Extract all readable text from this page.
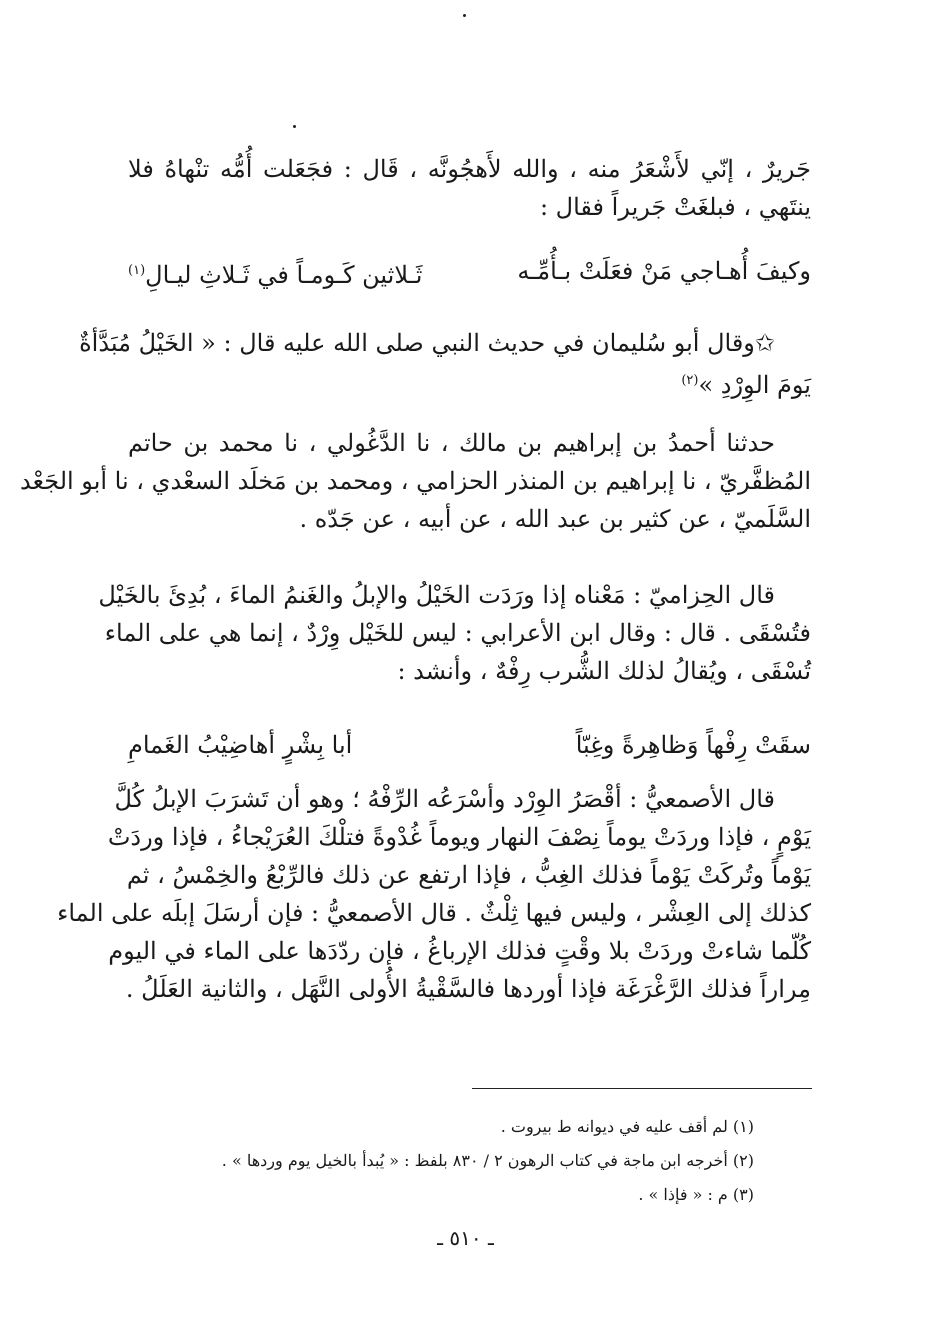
جَريرٌ ، إنّي لأَشْعَرُ منه ، والله لأَهجُونَّه ، قَال : فجَعَلت أُمُّه تنْهاهُ فلا
ينتَهي ، فبلغَتْ جَريراً فقال :
وكيفَ أُهـاجي مَنْ فعَلَتْ بـأُمِّـه
ثَـلاثين كَـومـاً في ثَـلاثِ ليـالِ$^{(١)}$
✩وقال أبو سُليمان في حديث النبي صلى الله عليه قال : « الخَيْلُ مُبَدَّأةٌ
يَومَ الوِرْدِ »$^{(٢)}$
حدثنا أحمدُ بن إبراهيم بن مالك ، نا الدَّغُولي ، نا محمد بن حاتم
المُظفَّريّ ، نا إبراهيم بن المنذر الحزامي ، ومحمد بن مَخلَد السعْدي ، نا أبو الجَعْد
السَّلَميّ ، عن كثير بن عبد الله ، عن أبيه ، عن جَدّه .
قال الحِزاميّ : مَعْناه إذا ورَدَت الخَيْلُ والإبلُ والغَنمُ الماءَ ، بُدِئَ بالخَيْل
فتُسْقَى . قال : وقال ابن الأعرابي : ليس للخَيْل وِرْدٌ ، إنما هي على الماء
تُسْقَى ، ويُقالُ لذلك الشُّرب رِفْهٌ ، وأنشد :
سقَتْ رِفْهاً وَظاهِرةً وغِبّاً
أبا بِشْرٍ أهاضِيْبُ الغَمامِ
قال الأصمعيُّ : أقْصَرُ الوِرْد وأسْرَعُه الرِّفْهُ ؛ وهو أن تَشرَبَ الإبلُ كُلَّ
يَوْمٍ ، فإذا وردَتْ يوماً نِصْفَ النهار ويوماً غُدْوةً فتلْكَ العُرَيْجاءُ ، فإذا وردَتْ
يَوْماً وتُركَتْ يَوْماً فذلك الغِبُّ ، فإذا ارتفع عن ذلك فالرِّبْعُ والخِمْسُ ، ثم
كذلك إلى العِشْر ، وليس فيها ثِلْثٌ . قال الأصمعيُّ : فإن أرسَلَ إبلَه على الماء
كُلّما شاءتْ وردَتْ بلا وقْتٍ فذلك الإرباغُ ، فإن ردّدَها على الماء في اليوم
مِراراً فذلك الرَّغْرَغَة فإذا أوردها فالسَّقْيةُ الأُولى النَّهَل ، والثانية العَلَلُ .
(١) لم أقف عليه في ديوانه ط بيروت .
(٢) أخرجه ابن ماجة في كتاب الرهون ٢ / ٨٣٠ بلفظ : « يُبدأ بالخيل يوم وردها » .
(٣) م : « فإذا » .
ـ ٥١٠ ـ
